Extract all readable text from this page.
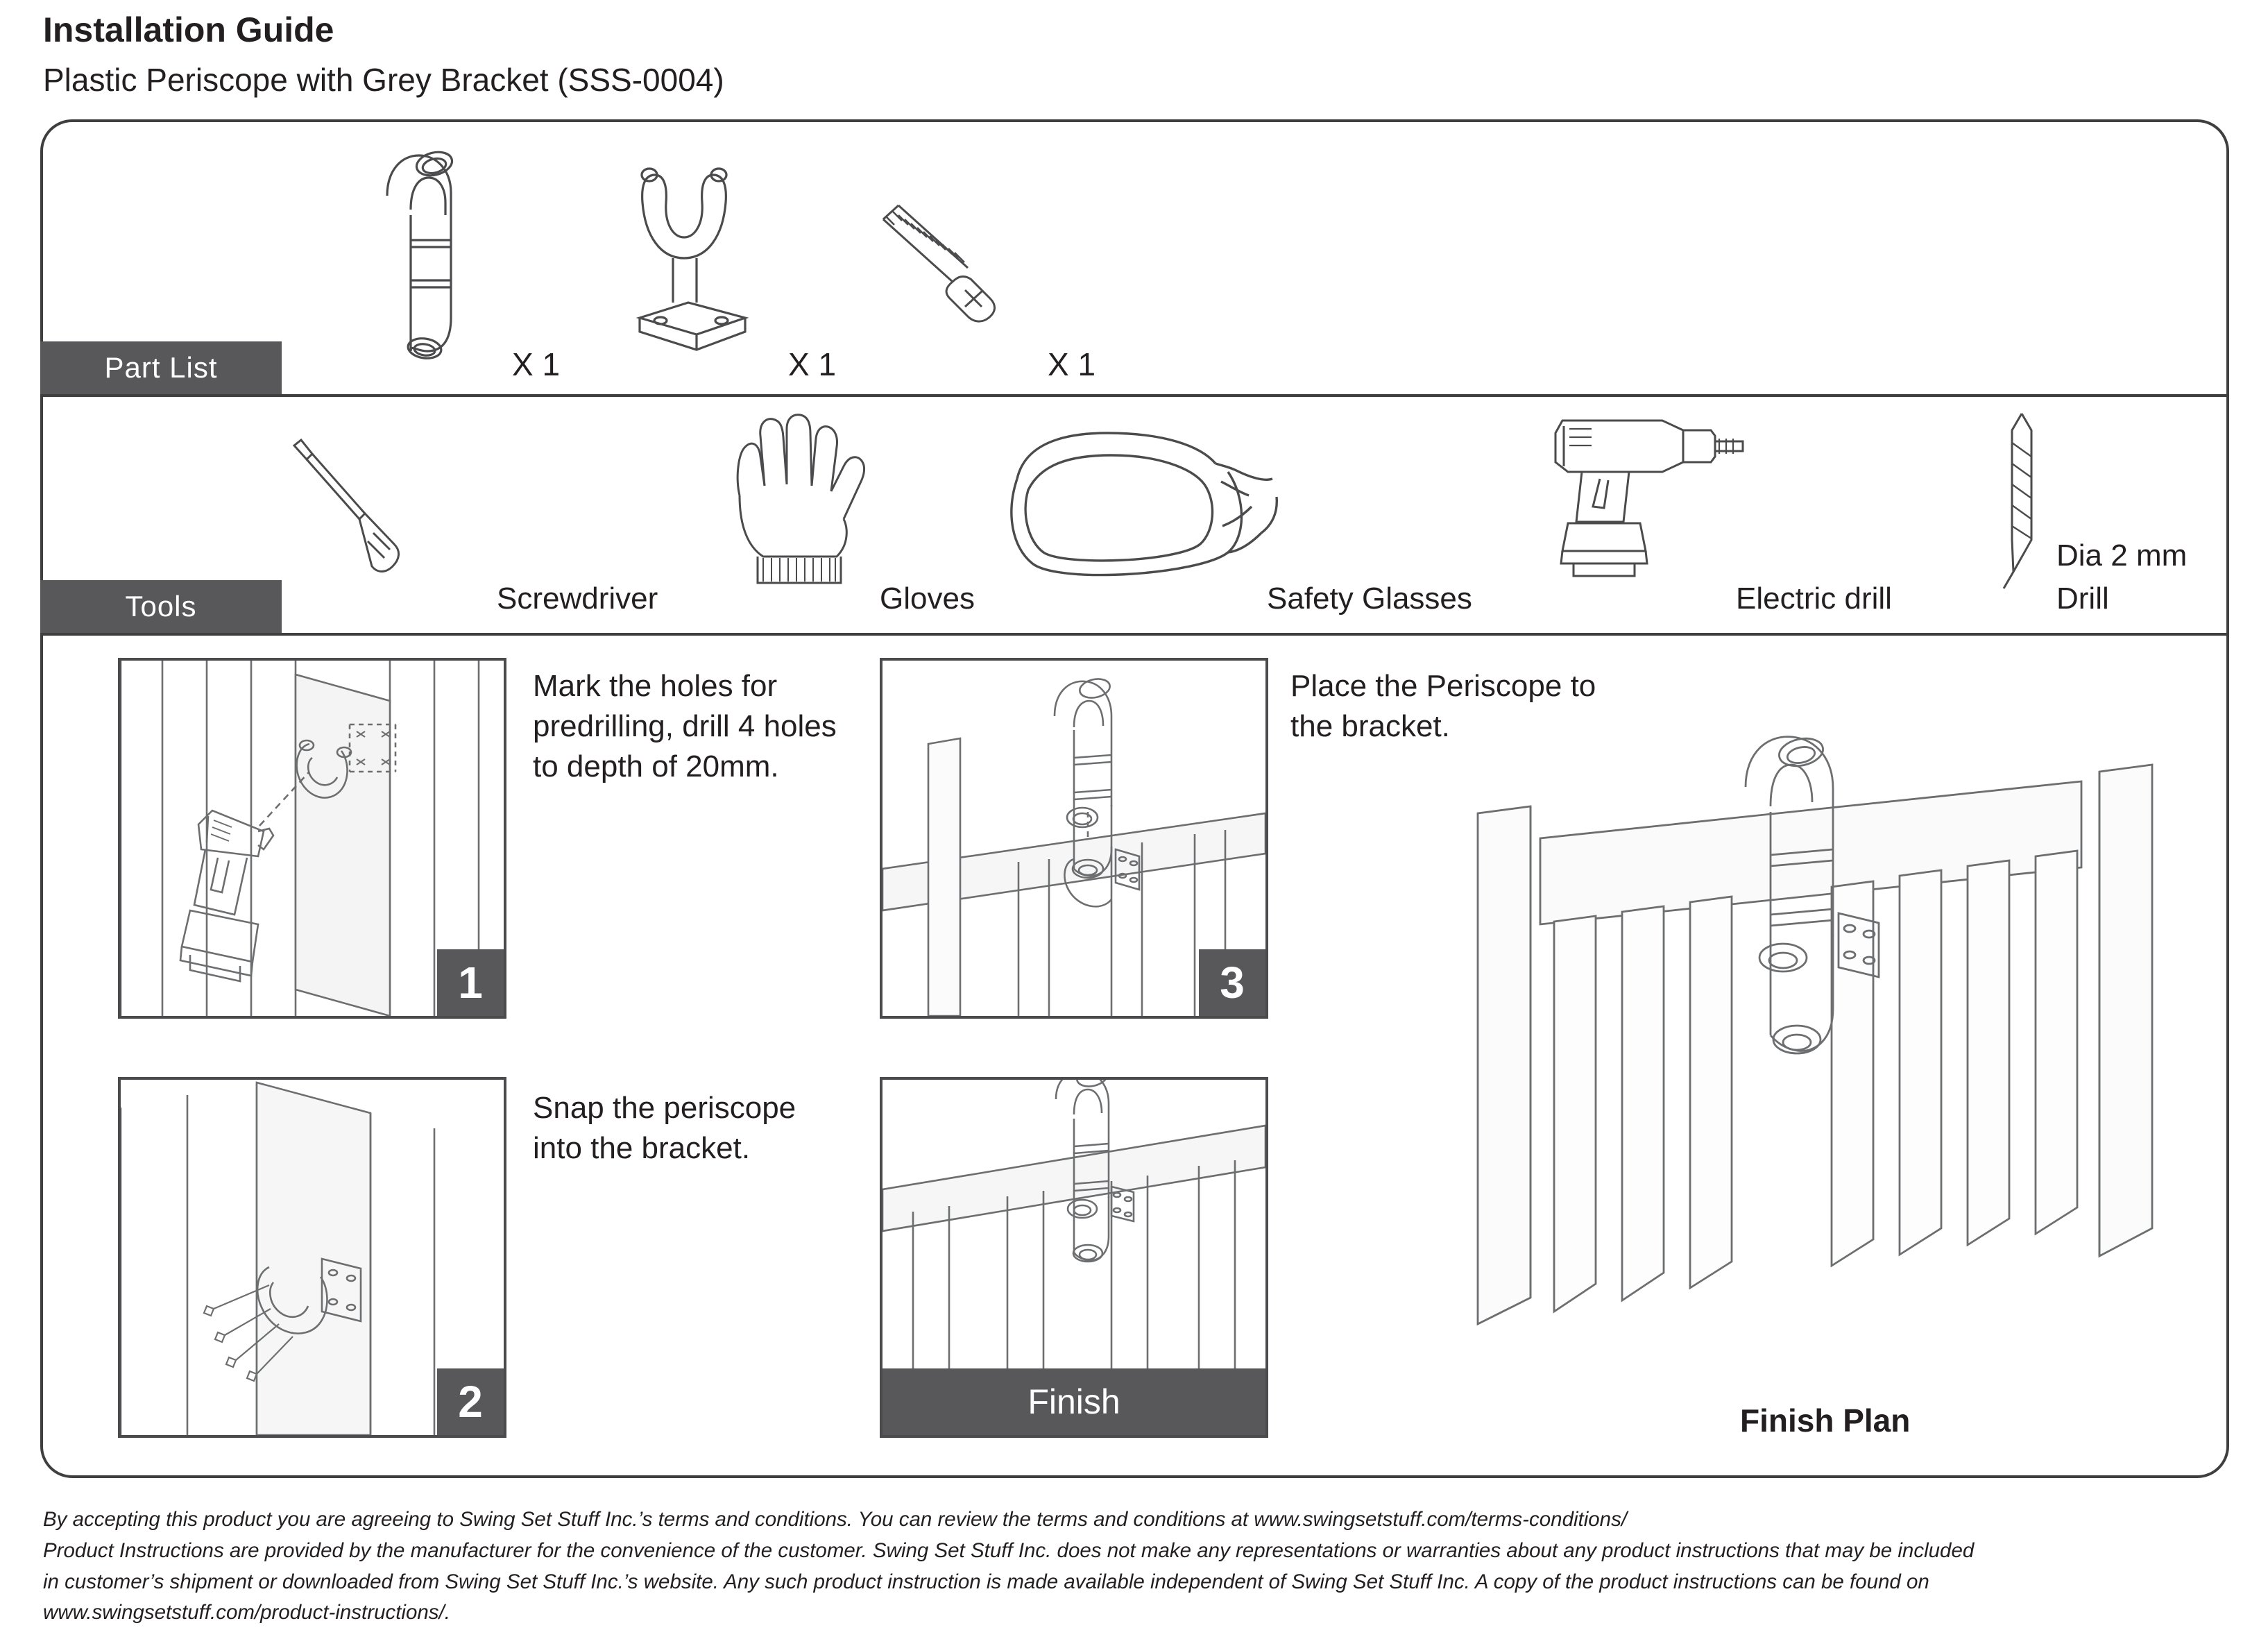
Installation Guide
Plastic Periscope with Grey Bracket (SSS-0004)
Part List	X 1	X 1	X 1
Tools	Screwdriver	Gloves	Safety Glasses	Electric drill
Dia 2 mm
Drill
1
Mark the holes for predrilling, drill 4 holes to depth of 20mm.
2
Snap the periscope into the bracket.
3
Place the Periscope to the bracket.
Finish	Finish Plan

By accepting this product you are agreeing to Swing Set Stuff Inc.’s terms and conditions. You can review the terms and conditions at www.swingsetstuff.com/terms-conditions/

Product Instructions are provided by the manufacturer for the convenience of the customer. Swing Set Stuff Inc. does not make any representations or warranties about any product instructions that may be included

in customer’s shipment or downloaded from Swing Set Stuff Inc.’s website. Any such product instruction is made available independent of Swing Set Stuff Inc. A copy of the product instructions can be found on

www.swingsetstuff.com/product-instructions/.
